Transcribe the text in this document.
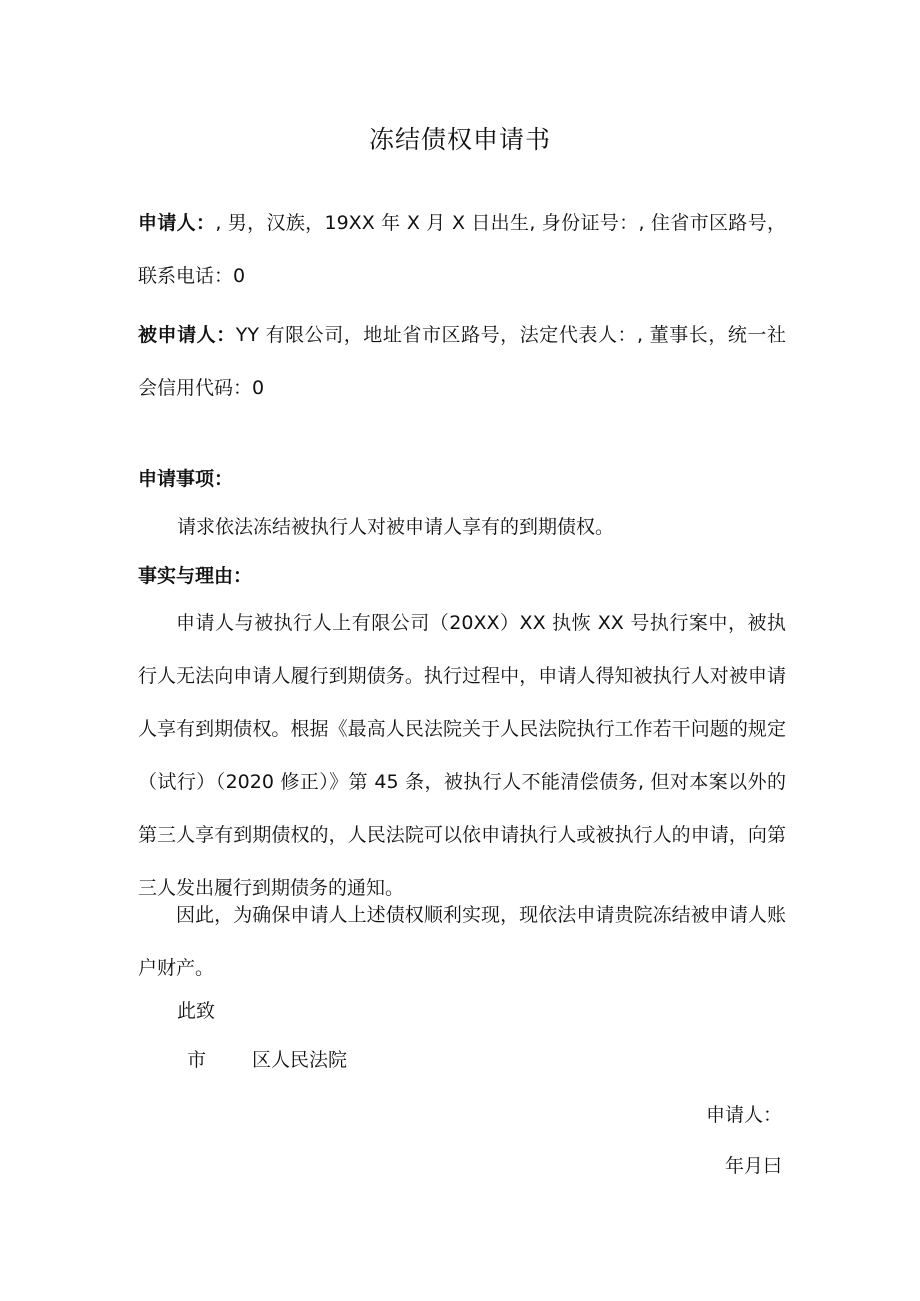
冻结债权申请书
申请人：, 男，汉族，19XX 年 X 月 X 日出生, 身份证号：, 住省市区路号，联系电话：0
被申请人：YY 有限公司，地址省市区路号，法定代表人：, 董事长，统一社会信用代码：0
申请事项：
请求依法冻结被执行人对被申请人享有的到期债权。
事实与理由：
申请人与被执行人上有限公司（20XX）XX 执恢 XX 号执行案中，被执行人无法向申请人履行到期债务。执行过程中，申请人得知被执行人对被申请人享有到期债权。根据《最高人民法院关于人民法院执行工作若干问题的规定（试行）（2020 修正）》第 45 条，被执行人不能清偿债务, 但对本案以外的第三人享有到期债权的，人民法院可以依申请执行人或被执行人的申请，向第三人发出履行到期债务的通知。
因此，为确保申请人上述债权顺利实现，现依法申请贵院冻结被申请人账户财产。
此致
市 区人民法院
申请人：
年月曰
